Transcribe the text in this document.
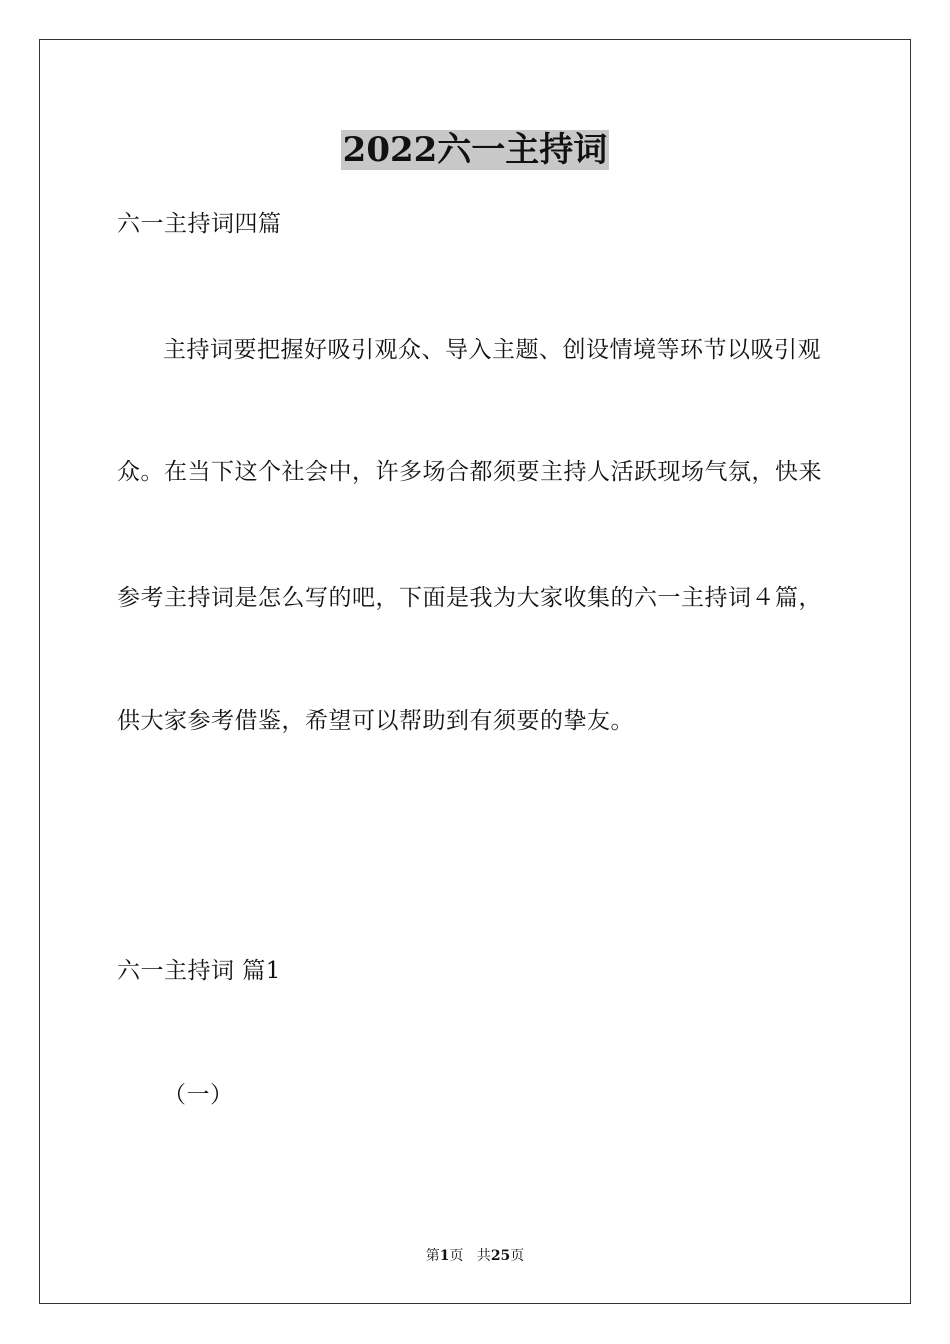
2022六一主持词
六一主持词四篇
主持词要把握好吸引观众、导入主题、创设情境等环节以吸引观
众。在当下这个社会中，许多场合都须要主持人活跃现场气氛，快来
参考主持词是怎么写的吧，下面是我为大家收集的六一主持词４篇，
供大家参考借鉴，希望可以帮助到有须要的挚友。
六一主持词 篇1
（一）
第1页 共25页
